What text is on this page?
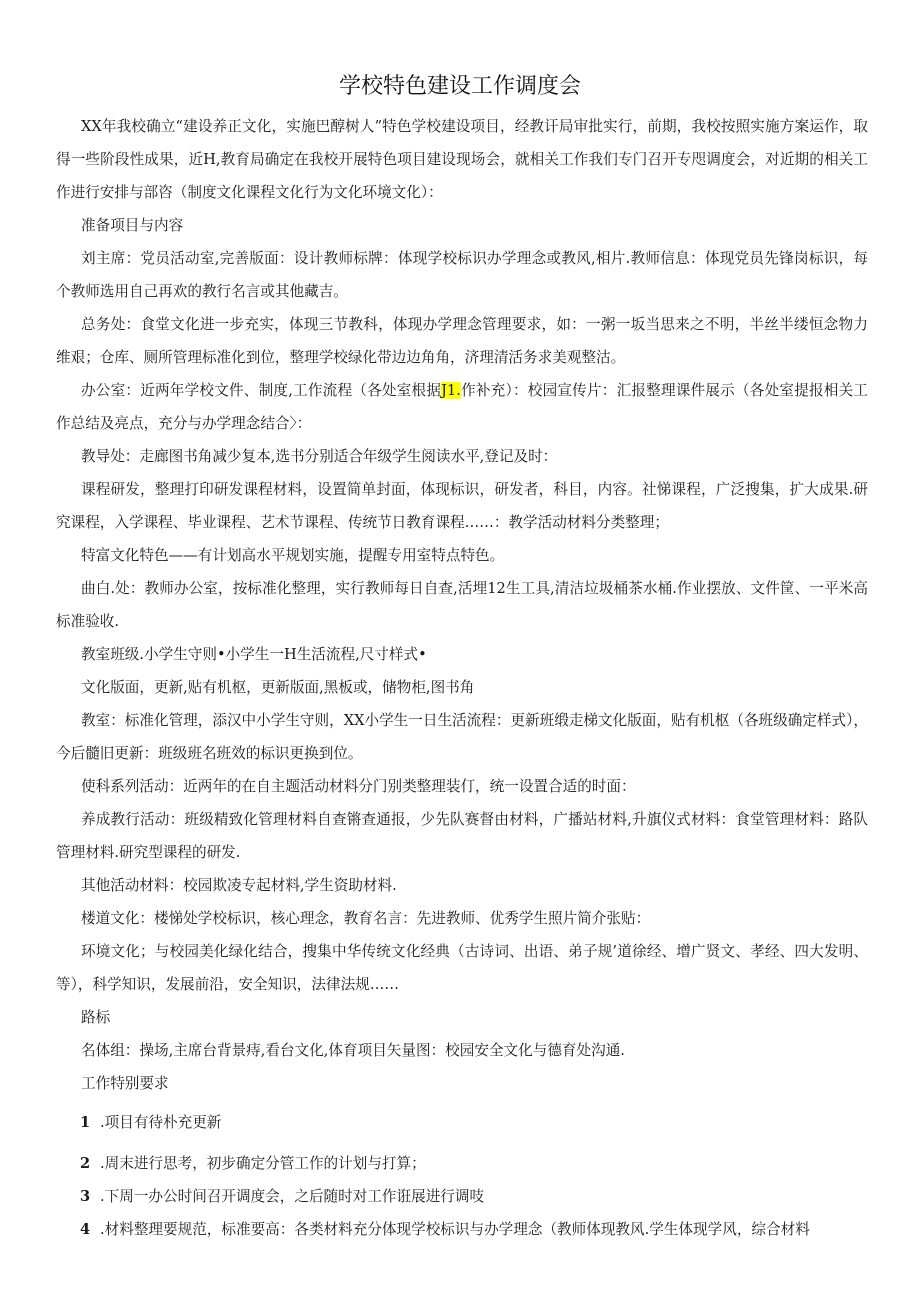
学校特色建设工作调度会

XX年我校确立“建设养正文化，实施巴醇树人”特色学校建设项目，经教讦局审批实行，前期，我校按照实施方案运作，取得一些阶段性成果，近H,教育局确定在我校开展特色项目建设现场会，就相关工作我们专门召开专咫调度会，对近期的相关工作进行安排与部咨（制度文化课程文化行为文化环境文化）：

准备项目与内容

刘主席：党员活动室,完善版面：设计教师标牌：体现学校标识办学理念或教风,相片.教师信息：体现党员先锋岗标识，每个教师选用自己再欢的教行名言或其他藏吉。

总务处：食堂文化进一步充实，体现三节教科，体现办学理念管理要求，如：一粥一坂当思来之不明，半丝半缕恒念物力维艰；仓库、厕所管理标准化到位，整理学校绿化带边边角角，济理清活务求美观整沽。

办公室：近两年学校文件、制度,工作流程（各处室根据J1.作补充）：校园宣传片：汇报整理课件展示（各处室提报相关工作总结及亮点，充分与办学理念结合〉：

教导处：走廊图书角减少复本,选书分别适合年级学生阅读水平,登记及时：

课程研发，整理打印研发课程材料，设置简单封面，体现标识，研发者，科目，内容。社悌课程，广泛搜集，扩大成果.研究课程，入学课程、毕业课程、艺术节课程、传统节日教育课程……：教学活动材料分类整理；

特富文化特色——有计划高水平规划实施，提醒专用室特点特色。

曲白.处：教师办公室，按标准化整理，实行教师每日自查,活埋12生工具,清洁垃圾桶茶水桶.作业摆放、文件筐、一平米高标准验收.

教室班级.小学生守则•小学生一H生活流程,尺寸样式•

文化版面，更新,贴有机枢，更新版面,黑板或，储物柜,图书角

教室：标准化管理，添汉中小学生守则，XX小学生一日生活流程：更新班缎走梯文化版面，贴有机枢（各班级确定样式），今后髓旧更新：班级班名班效的标识更换到位。

使科系列活动：近两年的在自主题活动材料分门别类整理装仃，统一设置合适的时面：

养成教行活动：班级精致化管理材料自查锵查通报，少先队赛督由材料，广播站材料,升旗仪式材料：食堂管理材料：路队管理材料.研究型课程的研发.

其他活动材料：校园欺凌专起材料,学生资助材料.

楼道文化：楼悌处学校标识，核心理念，教育名言：先进教师、优秀学生照片简介张贴：

环境文化；与校园美化绿化结合，搜集中华传统文化经典（古诗词、出语、弟子规’道徐经、增广贤文、孝经、四大发明、等），科学知识，发展前沿，安全知识，法律法规……

路标

名体组：操场,主席台背景痔,看台文化,体育项目矢量图：校园安全文化与德育处沟通.

工作特别要求

1 .项目有待朴充更新

2 .周末进行思考，初步确定分管工作的计划与打算；

3 .下周一办公时间召开调度会，之后随时对工作诳展进行调吱

4 .材料整理要规范，标准要高：各类材料充分体现学校标识与办学理念（教师体现教风.学生体现学风，综合材料
